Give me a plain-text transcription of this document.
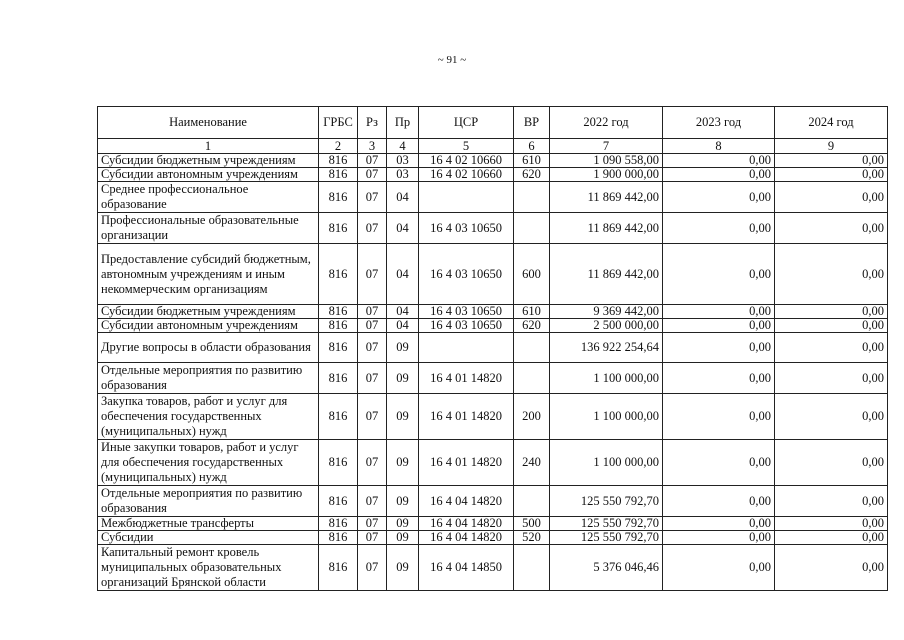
~ 91 ~
Наименование	ГРБС	Рз	Пр	ЦСР	ВР	2022 год	2023 год	2024 год
1	2	3	4	5	6	7	8	9
Субсидии бюджетным учреждениям	816	07	03	16 4 02 10660	610	1 090 558,00	0,00	0,00
Субсидии автономным учреждениям	816	07	03	16 4 02 10660	620	1 900 000,00	0,00	0,00
Среднее профессиональное образование	816	07	04			11 869 442,00	0,00	0,00
Профессиональные образовательные организации	816	07	04	16 4 03 10650		11 869 442,00	0,00	0,00
Предоставление субсидий бюджетным, автономным учреждениям и иным некоммерческим организациям	816	07	04	16 4 03 10650	600	11 869 442,00	0,00	0,00
Субсидии бюджетным учреждениям	816	07	04	16 4 03 10650	610	9 369 442,00	0,00	0,00
Субсидии автономным учреждениям	816	07	04	16 4 03 10650	620	2 500 000,00	0,00	0,00
Другие вопросы в области образования	816	07	09			136 922 254,64	0,00	0,00
Отдельные мероприятия по развитию образования	816	07	09	16 4 01 14820		1 100 000,00	0,00	0,00
Закупка товаров, работ и услуг для обеспечения государственных (муниципальных) нужд	816	07	09	16 4 01 14820	200	1 100 000,00	0,00	0,00
Иные закупки товаров, работ и услуг для обеспечения государственных (муниципальных) нужд	816	07	09	16 4 01 14820	240	1 100 000,00	0,00	0,00
Отдельные мероприятия по развитию образования	816	07	09	16 4 04 14820		125 550 792,70	0,00	0,00
Межбюджетные трансферты	816	07	09	16 4 04 14820	500	125 550 792,70	0,00	0,00
Субсидии	816	07	09	16 4 04 14820	520	125 550 792,70	0,00	0,00
Капитальный ремонт кровель муниципальных образовательных организаций Брянской области	816	07	09	16 4 04 14850		5 376 046,46	0,00	0,00
